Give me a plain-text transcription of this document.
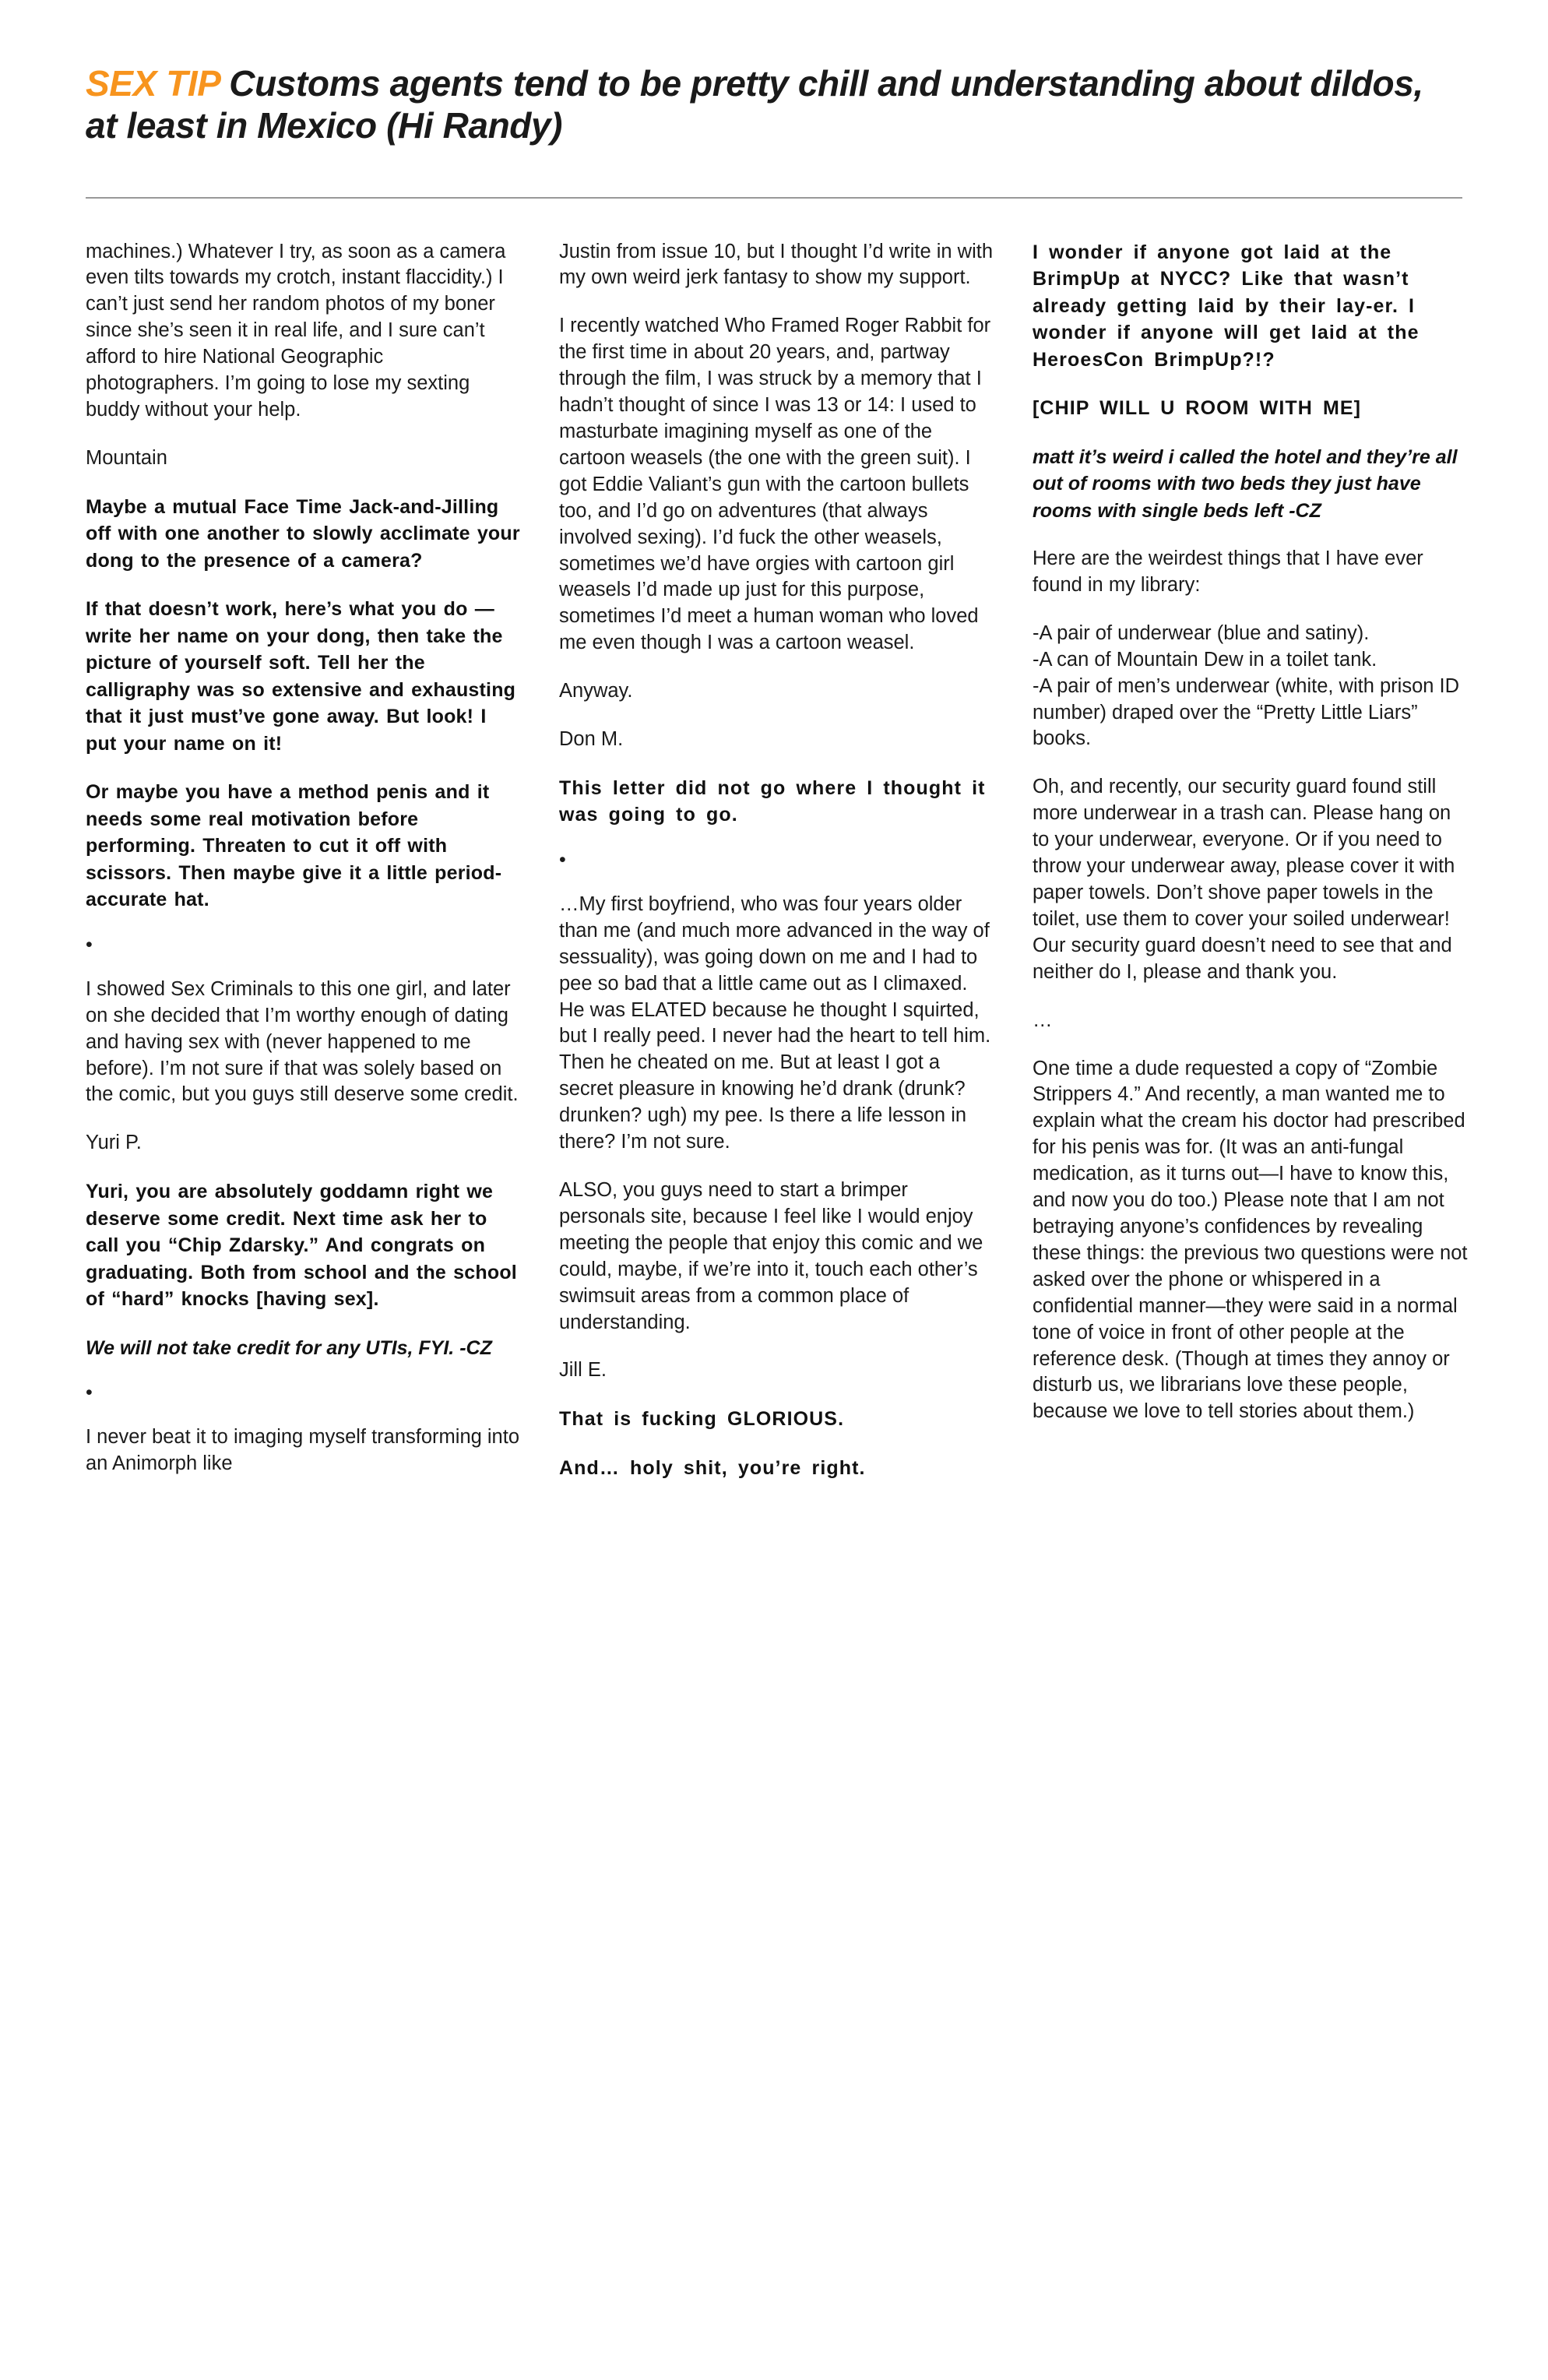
SEX TIP Customs agents tend to be pretty chill and understanding about dildos, at least in Mexico (Hi Randy)

machines.) Whatever I try, as soon as a camera even tilts towards my crotch, instant flaccidity.) I can’t just send her random photos of my boner since she’s seen it in real life, and I sure can’t afford to hire National Geographic photographers. I’m going to lose my sexting buddy without your help.

Mountain

Maybe a mutual Face Time Jack-and-Jilling off with one another to slowly acclimate your dong to the presence of a camera?

If that doesn’t work, here’s what you do — write her name on your dong, then take the picture of yourself soft. Tell her the calligraphy was so extensive and exhausting that it just must’ve gone away. But look! I put your name on it!

Or maybe you have a method penis and it needs some real motivation before performing. Threaten to cut it off with scissors. Then maybe give it a little period-accurate hat.

•

I showed Sex Criminals to this one girl, and later on she decided that I’m worthy enough of dating and having sex with (never happened to me before). I’m not sure if that was solely based on the comic, but you guys still deserve some credit.

Yuri P.

Yuri, you are absolutely goddamn right we deserve some credit. Next time ask her to call you “Chip Zdarsky.” And congrats on graduating. Both from school and the school of “hard” knocks [having sex].

We will not take credit for any UTIs, FYI. -CZ

•

I never beat it to imaging myself transforming into an Animorph like

Justin from issue 10, but I thought I’d write in with my own weird jerk fantasy to show my support.

I recently watched Who Framed Roger Rabbit for the first time in about 20 years, and, partway through the film, I was struck by a memory that I hadn’t thought of since I was 13 or 14: I used to masturbate imagining myself as one of the cartoon weasels (the one with the green suit). I got Eddie Valiant’s gun with the cartoon bullets too, and I’d go on adventures (that always involved sexing). I’d fuck the other weasels, sometimes we’d have orgies with cartoon girl weasels I’d made up just for this purpose, sometimes I’d meet a human woman who loved me even though I was a cartoon weasel.

Anyway.

Don M.

This letter did not go where I thought it was going to go.

•

…My first boyfriend, who was four years older than me (and much more advanced in the way of sessuality), was going down on me and I had to pee so bad that a little came out as I climaxed. He was ELATED because he thought I squirted, but I really peed. I never had the heart to tell him. Then he cheated on me. But at least I got a secret pleasure in knowing he’d drank (drunk? drunken? ugh) my pee. Is there a life lesson in there? I’m not sure.

ALSO, you guys need to start a brimper personals site, because I feel like I would enjoy meeting the people that enjoy this comic and we could, maybe, if we’re into it, touch each other’s swimsuit areas from a common place of understanding.

Jill E.

That is fucking GLORIOUS.

And… holy shit, you’re right.

I wonder if anyone got laid at the BrimpUp at NYCC? Like that wasn’t already getting laid by their lay-er. I wonder if anyone will get laid at the HeroesCon BrimpUp?!?

[CHIP WILL U ROOM WITH ME]

matt it’s weird i called the hotel and they’re all out of rooms with two beds they just have rooms with single beds left -CZ

Here are the weirdest things that I have ever found in my library:

-A pair of underwear (blue and satiny).
-A can of Mountain Dew in a toilet tank.
-A pair of men’s underwear (white, with prison ID number) draped over the “Pretty Little Liars” books.

Oh, and recently, our security guard found still more underwear in a trash can. Please hang on to your underwear, everyone. Or if you need to throw your underwear away, please cover it with paper towels. Don’t shove paper towels in the toilet, use them to cover your soiled underwear! Our security guard doesn’t need to see that and neither do I, please and thank you.

…

One time a dude requested a copy of “Zombie Strippers 4.” And recently, a man wanted me to explain what the cream his doctor had prescribed for his penis was for. (It was an anti-fungal medication, as it turns out—I have to know this, and now you do too.) Please note that I am not betraying anyone’s confidences by revealing these things: the previous two questions were not asked over the phone or whispered in a confidential manner—they were said in a normal tone of voice in front of other people at the reference desk. (Though at times they annoy or disturb us, we librarians love these people, because we love to tell stories about them.)
